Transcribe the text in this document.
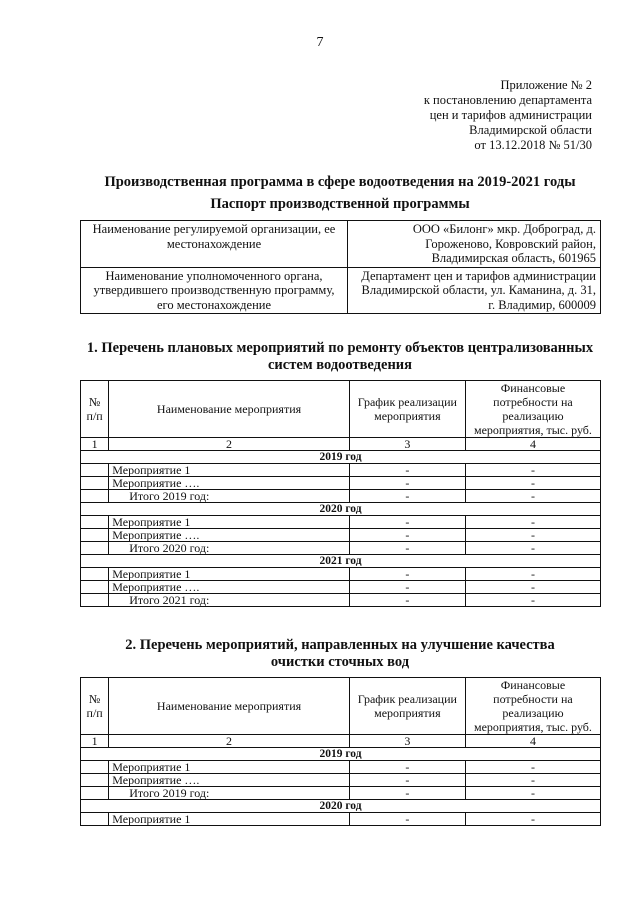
7
Приложение № 2
к постановлению департамента
цен и тарифов администрации
Владимирской области
от 13.12.2018 № 51/30
Производственная программа в сфере водоотведения на 2019-2021 годы
Паспорт производственной программы
Наименование регулируемой организации, ее местонахождение	ООО «Билонг» мкр. Доброград, д. Гороженово, Ковровский район, Владимирская область, 601965
Наименование уполномоченного органа, утвердившего производственную программу, его местонахождение	Департамент цен и тарифов администрации Владимирской области, ул. Каманина, д. 31, г. Владимир, 600009
1. Перечень плановых мероприятий по ремонту объектов централизованных
систем водоотведения
№ п/п	Наименование мероприятия	График реализации мероприятия	Финансовые потребности на реализацию мероприятия, тыс. руб.
1	2	3	4
2019 год			
	Мероприятие 1	-	-
	Мероприятие ….	-	-
	Итого 2019 год:	-	-
2020 год			
	Мероприятие 1	-	-
	Мероприятие ….	-	-
	Итого 2020 год:	-	-
2021 год			
	Мероприятие 1	-	-
	Мероприятие ….	-	-
	Итого 2021 год:	-	-
2. Перечень мероприятий, направленных на улучшение качества
очистки сточных вод
№ п/п	Наименование мероприятия	График реализации мероприятия	Финансовые потребности на реализацию мероприятия, тыс. руб.
1	2	3	4
2019 год			
	Мероприятие 1	-	-
	Мероприятие ….	-	-
	Итого 2019 год:	-	-
2020 год			
	Мероприятие 1	-	-
